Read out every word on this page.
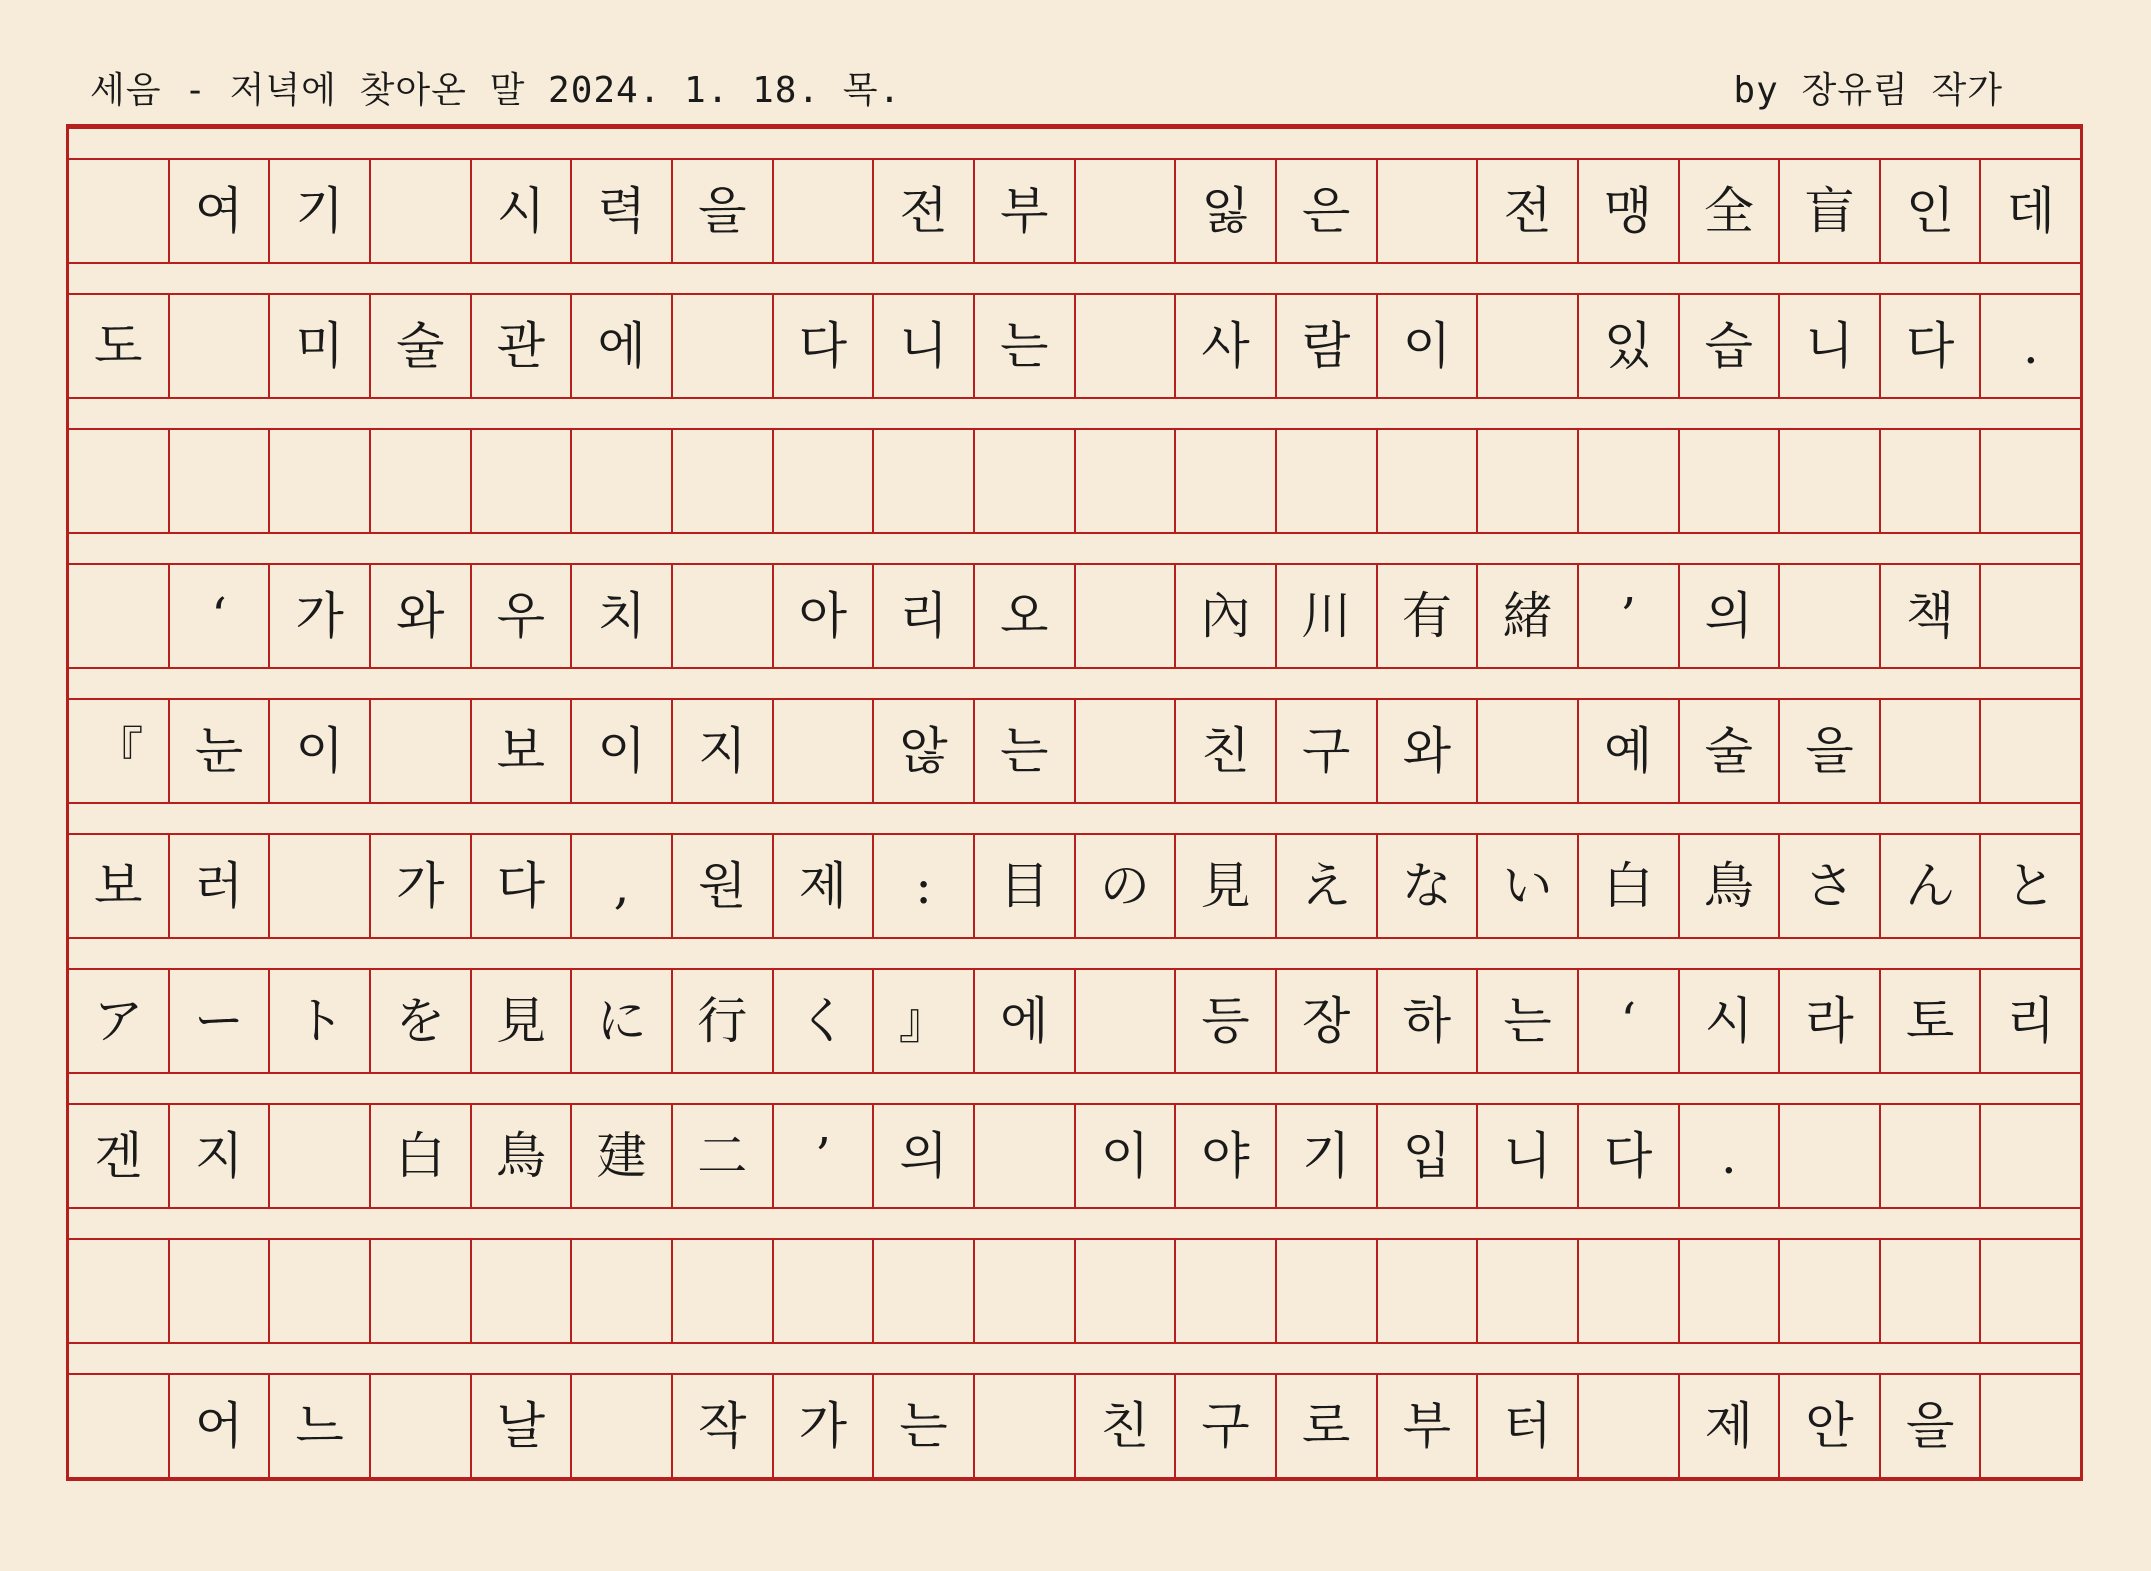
세음 - 저녁에 찾아온 말 2024. 1. 18. 목.	by 장유림 작가
여	기	시	력	을	전	부	잃	은	전	맹	全	盲	인	데
도	미	술	관	에	다	니	는	사	람	이	있	습	니	다	.
‘	가	와	우	치	아	리	오	內	川	有	緒	’	의	책
『	눈	이	보	이	지	않	는	친	구	와	예	술	을
보	러	가	다	,	원	제	:	目	の	見	え	な	い	白	鳥	さ	ん	と
ア	ー	ト	を	見	に	行	く	』	에	등	장	하	는	‘	시	라	토	리
겐	지	白	鳥	建	二	’	의	이	야	기	입	니	다	.
어	느	날	작	가	는	친	구	로	부	터	제	안	을
